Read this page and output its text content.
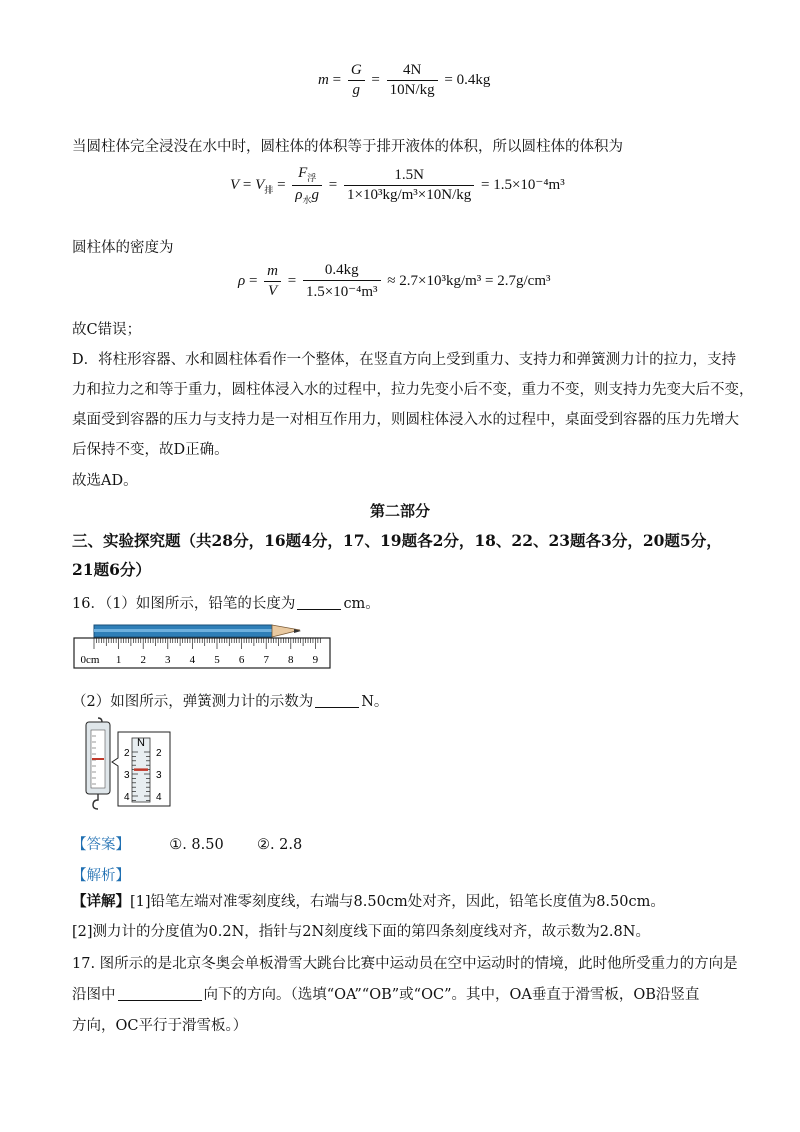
$m = \frac{G}{g} = \frac{4N}{10N/kg} = 0.4kg$
当圆柱体完全浸没在水中时，圆柱体的体积等于排开液体的体积，所以圆柱体的体积为
$V = V_排 = \frac{F_浮}{\rho_水g} = \frac{1.5N}{\text{1×10³kg/m³×10N/kg}} = 1.5\times 10^{-4}m^3$
圆柱体的密度为
$\rho = \frac{m}{V} = \frac{0.4kg}{\text{1.5×10⁻⁴m³}} \approx 2.7\times 10^3kg/m^3 = 2.7g/cm^3$
故C错误；
D．将柱形容器、水和圆柱体看作一个整体，在竖直方向上受到重力、支持力和弹簧测力计的拉力，支持
力和拉力之和等于重力，圆柱体浸入水的过程中，拉力先变小后不变，重力不变，则支持力先变大后不变，
桌面受到容器的压力与支持力是一对相互作用力，则圆柱体浸入水的过程中，桌面受到容器的压力先增大
后保持不变，故D正确。
故选AD。
第二部分
三、实验探究题（共28分，16题4分，17、19题各2分，18、22、23题各3分，20题5分，
21题6分）
16．（1）如图所示，铅笔的长度为	cm。
0cm 1 2 3 4 5 6 7 8 9
（2）如图所示，弹簧测力计的示数为	N。
N
2
3
4
2
3
4
【答案】	①. 8.50 ②. 2.8
【解析】
【详解】[1]铅笔左端对准零刻度线，右端与8.50cm处对齐，因此，铅笔长度值为8.50cm。
[2]测力计的分度值为0.2N，指针与2N刻度线下面的第四条刻度线对齐，故示数为2.8N。
17. 图所示的是北京冬奥会单板滑雪大跳台比赛中运动员在空中运动时的情境，此时他所受重力的方向是
沿图中	向下的方向。（选填“OA”“OB”或“OC”。其中，OA垂直于滑雪板，OB沿竖直
方向，OC平行于滑雪板。）
